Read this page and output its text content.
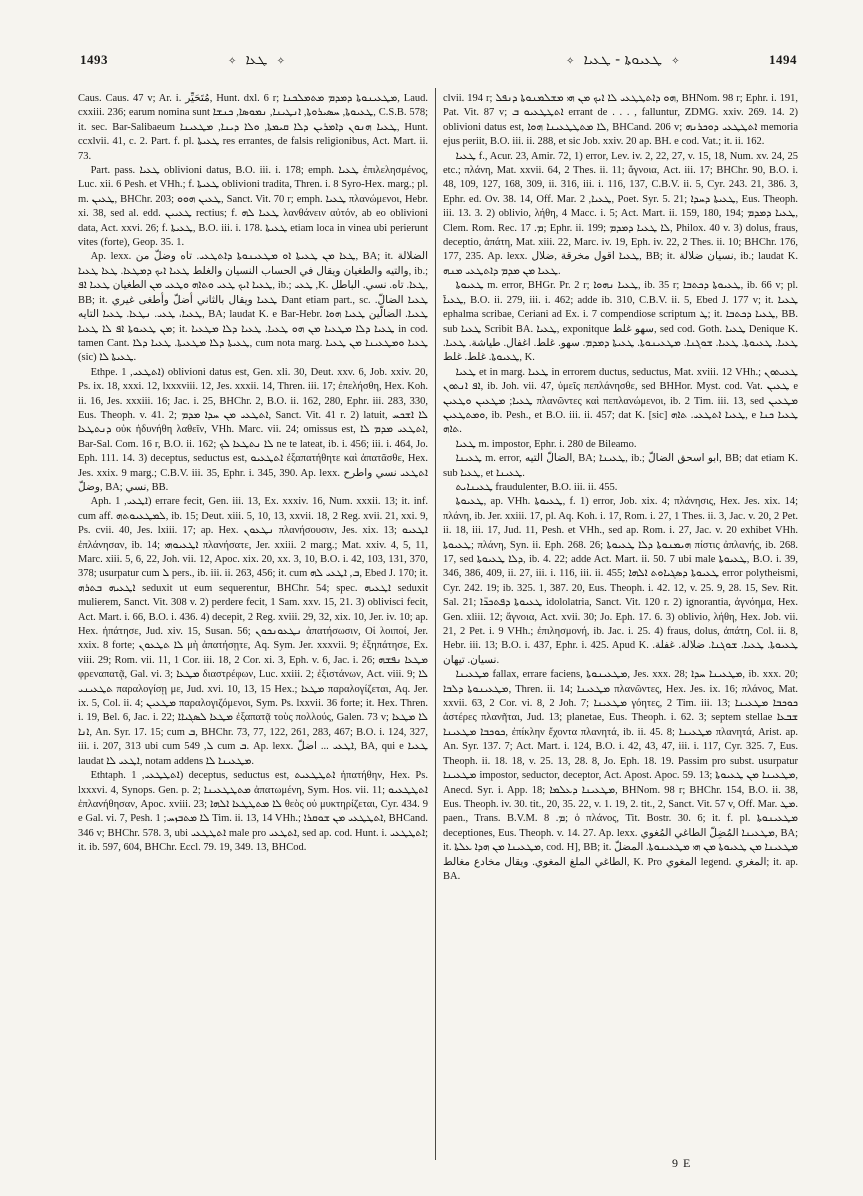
1493	✧ ܛܥܐ ✧	✧ ܛܥܝܘܬܐ - ܛܥܝܐ ✧	1494

Caus. Caus. 47 v; Ar. i. مُتَحَيِّر, Hunt. dxl. 6 r; ܡܛܥܝܢܘܬܐ ܕܡܕܡ ܡܬܡܠܟܢܐ, Laud. cxxiii. 236; earum nomina sunt ܛܥܝܘܬܐ, ܚܣܝܪܘܬܐ, ܐܢܛܝܢܐ, ܢܡܘܣܐ, ܟܢܫܐ, C.S.B. 578; it. sec. Bar-Salibaeum ܛܥܝܐ ܗܢܘܢ ܕܐܡܪܝܢ ܕܠܐ ܩܝܡܬܐ, ܘܠܐ ܕܝܢܐ, ܡܛܥܝܢܐ, Hunt. ccxlvii. 41, c. 2. Part. f. pl. ܛܥܝܬܐ res errantes, de falsis religionibus, Act. Mart. ii. 73.

Part. pass. ܛܥܝܐ oblivioni datus, B.O. iii. i. 178; emph. ܛܥܝܐ ἐπιλελησμένος, Luc. xii. 6 Pesh. et VHh.; f. ܛܥܝܬܐ oblivioni tradita, Thren. i. 8 Syro-Hex. marg.; pl. m. ܛܥܝܢ, BHChr. 203; ܛܥܝܢ ܗܘܘ, Sanct. Vit. 70 r; emph. ܛܥܝܐ πλανώμενοι, Hebr. xi. 38, sed al. edd. ܛܥܝܝܢ rectius; f. ܛܥܝܐ ܠܗ λανθάνειν αὐτόν, ab eo oblivioni data, Act. xxvi. 26; f. ܛܥܝܬܐ, B.O. iii. i. 178. ܛܥܝܬܐ etiam loca in vinea ubi perierunt vites (forte), Geop. 35. 1.

Ap. lexx. ܛܥܐ ܡܢ ܛܥܝܬܐ ܐܘ ܡܛܥܝܢܘܬܐ ܕܐܬܛܥܝ. تاه وضلّ من, BA; it. الضلالة والتيه والطغيان ويقال في الحساب النسيان والغلط ܛܥܝܐ ܐܝܟ ܕܡܛܥܐ. ܛܥܐ ܛܥܝܐ, ib.; ܛܥܝܐ ܐܝܟ ܛܥܝ ܘܬܐܗ ܘܛܥܝ ܡܢ الطغيان ܛܥܝܐ ܐܦ, ib.; ܛܥܝ ,K. ܛܥܐ. تاه. نسي. الباطل, BB; it. ܛܥܝܐ ويقال بالثاني أضلّ وأطغى غيري Dant etiam part., sc. ܛܥܝܐ الضالّ. ܛܥܝܐ، ܛܥܝ. ܢܛܥܐ. ܛܥܝܐ التايه, BA; laudat K. e Bar-Hebr. ܛܥܝܐ. الضالّين ܛܥܝܐ ܗܘܐ ܡܢ ܛܥܝܘܬܐ ܐܦ ܠܐ ܛܥܝܐ; it. ܛܥܝܐ ܕܠܐ ܡܛܥܝܐ ܡܢ ܗܘ ܛܥܝܐ. ܛܥܝܐ ܕܠܐ ܡܛܥܝܐ in cod. tamen Cant. ܛܥܝܬܐ ܕܠܐ ܡܛܥܝܬܐ. ܛܥܝܐ ܕܠܐ, cum nota marg. ܛܥܝܐ ܘܡܛܥܝܢܐ ܡܢ ܛܥܝܐ (sic) ܛܥܝܬܐ ܠܐ.

Ethpe. ܐܬܛܥܝ, 1) oblivioni datus est, Gen. xli. 30, Deut. xxv. 6, Job. xxiv. 20, Ps. ix. 18, xxxi. 12, lxxxviii. 12, Jes. xxxii. 14, Thren. iii. 17; ἐπελήσθη, Hex. Koh. ii. 16, Jes. xxxiii. 16; Jac. i. 25, BHChr. 2, B.O. ii. 162, 280, Ephr. iii. 283, 330, Eus. Theoph. v. 41. 2; ܐܬܛܥܝ ܡܢ ܚܕܐ ܡܕܡ, Sanct. Vit. 41 r. 2) latuit, ܠܐ ܐܫܟܚ ܕܢܬܛܥܐ οὐκ ἠδυνήθη λαθεῖν, VHh. Marc. vii. 24; omissus est, ܐܬܛܥܝ ܡܕܡ ܠܐ, Bar-Sal. Com. 16 r, B.O. ii. 162; ܠܐ ܢܬܛܥܐ ܠܟ ne te lateat, ib. i. 456; iii. i. 464, Jo. Eph. 111. 14. 3) deceptus, seductus est, ܐܬܛܥܝܘ ἐξαπατήθητε καὶ ἀπατᾶσθε, Hex. Jes. xxix. 9 marg.; C.B.V. iii. 35, Ephr. i. 345, 390. Ap. lexx. ܐܬܛܥܝ نسي واطرح وضلّ, BA; نسي, BB.

Aph. ܐܛܥܝ, 1) errare fecit, Gen. iii. 13, Ex. xxxiv. 16, Num. xxxii. 13; it. inf. cum aff. ܠܡܛܥܝܘܬܗ, ib. 15; Deut. xiii. 5, 10, 13, xxvii. 18, 2 Reg. xvii. 21, xxi. 9, Ps. cvii. 40, Jes. lxiii. 17; ap. Hex. ܢܛܥܘܢ πλανήσουσιν, Jes. xix. 13; ܐܛܥܝܘ ἐπλάνησαν, ib. 14; ܐܛܥܝܘܗܝ πλανήσατε, Jer. xxiii. 2 marg.; Mat. xxiv. 4, 5, 11, Marc. xiii. 5, 6, 22, Joh. vii. 12, Apoc. xix. 20, xx. 3, 10, B.O. i. 42, 103, 131, 370, 378; usurpatur cum ܠ pers., ib. iii. ii. 263, 456; it. cum ܒ, ܐܛܥܝ ܠܗ, Ebed J. 170; it. ܐܛܥܝܗ ܒܬܪܗ seduxit ut eum sequerentur, BHChr. 54; spec. ܐܛܥܝܗ seduxit mulierem, Sanct. Vit. 308 v. 2) perdere fecit, 1 Sam. xxv. 15, 21. 3) oblivisci fecit, Act. Mart. i. 66, B.O. i. 436. 4) decepit, 2 Reg. xviii. 29, 32, xix. 10, Jer. iv. 10; ap. Hex. ἠπάτησε, Jud. xiv. 15, Susan. 56; ܢܛܥܘܢܟܘܢ ἀπατήσωσιν, Οἱ λοιποί, Jer. xxix. 8 forte; ܠܐ ܬܛܥܘܢ μὴ ἀπατήσῃτε, Aq. Sym. Jer. xxxvii. 9; ἐξηπάτησε, Ex. viii. 29; Rom. vii. 11, 1 Cor. iii. 18, 2 Cor. xi. 3, Eph. v. 6, Jac. i. 26; ܡܛܥܐ ܢܦܫܗ φρεναπατᾷ, Gal. vi. 3; ܡܛܥܐ διαστρέφων, Luc. xxiii. 2; ἐξιστάνων, Act. viii. 9; ܠܐ ܬܛܥܝܢܝ παραλογίσῃ με, Jud. xvi. 10, 13, 15 Hex.; ܡܛܥܐ παραλογίζεται, Aq. Jer. ix. 5, Col. ii. 4; ܡܛܥܝܢ παραλογιζόμενοι, Sym. Ps. lxxvii. 36 forte; it. Hex. Thren. i. 19, Bel. 6, Jac. i. 22; ܡܛܥܐ ܠܣܓܝܐܐ ἐξαπατᾷ τοὺς πολλούς, Galen. 73 v; ܠܐ ܡܛܥܐ ܐܢܐ, An. Syr. 17. 15; cum ܒ, BHChr. 73, 77, 122, 261, 283, 467; B.O. i. 124, 327, iii. i. 207, 313 ubi cum ܠ, 549 cum ܒ. Ap. lexx. ܐܛܥܝ ... اضلّ, BA, qui e ܛܥܝܐ laudat ܐܛܥܝ ܠܐ, notam addens ܡܛܥܝܢܐ ܠܐ.

Ethtaph. ܐܬܛܛܥܝ, 1) deceptus, seductus est, ܐܬܛܛܥܝܬ ἠπατήθην, Hex. Ps. lxxxvi. 4, Synops. Gen. p. 2; ܡܬܛܛܥܝܢܐ ἀπατωμένη, Sym. Hos. vii. 11; ܐܬܛܛܥܝܘ ἐπλανήθησαν, Apoc. xviii. 23; ܠܐ ܡܬܛܛܥܐ ܐܠܗܐ θεὸς οὐ μυκτηρίζεται, Cyr. 434. 9 e Gal. vi. 7, Pesh. ܠܐ ܡܬܒܙܚ; 1 Tim. ii. 13, 14 VHh.; ܐܬܛܛܥܝ ܡܢ ܫܘܩܪܐ, BHCand. 346 v; BHChr. 578. 3, ubi ܐܬܛܛܥܝ male pro ܐܬܛܥܝ, sed ap. cod. Hunt. i. ܐܬܛܛܥܝ; it. ib. 597, 604, BHChr. Eccl. 79. 19, 349. 13, BHCod.

clvii. 194 r; ܗܘ ܕܐܬܛܛܥܝ ܠܐ ܐܝܟ ܡܢ ܗܝ ܡܫܠܡܢܘܬܐ ܕܢܦܠ, BHNom. 98 r; Ephr. i. 191, Pat. Vit. 87 v; ܐܬܛܛܥܝܘ ܒ errant de . . . , falluntur, ZDMG. xxiv. 269. 14. 2) oblivioni datus est, ܠܐ ܡܬܛܛܥܝܢܐ ܗܘܐ, BHCand. 206 v; ܐܬܛܛܥܝ ܕܘܟܪܢܗ memoria ejus periit, B.O. iii. ii. 288, et sic Job. xxiv. 20 ap. BH. e cod. Vat.; it. ii. 162.

ܛܥܝܐ f., Acur. 23, Amir. 72, 1) error, Lev. iv. 2, 22, 27, v. 15, 18, Num. xv. 24, 25 etc.; πλάνη, Mat. xxvii. 64, 2 Thes. ii. 11; ἄγνοια, Act. iii. 17; BHChr. 90, B.O. i. 48, 109, 127, 168, 309, ii. 316, iii. i. 116, 137, C.B.V. ii. 5, Cyr. 243. 21, 386. 3, Ephr. ed. Ov. 38. 14, Off. Mar. ܛܥܝܐ, 2, Poet. Syr. 5. 21; ܛܥܝܬܐ ܕܚܕܐ, Eus. Theoph. iii. 13. 3. 2) oblivio, λήθη, 4 Macc. i. 5; Act. Mart. ii. 159, 180, 194; ܛܥܝܐ ܕܡܕܡ, Clem. Rom. Rec. ܡ. 17; Ephr. ii. 199; ܠܐ ܛܥܝܐ ܕܡܕܡ, Philox. 40 v. 3) dolus, fraus, deceptio, ἀπάτη, Mat. xiii. 22, Marc. iv. 19, Eph. iv. 22, 2 Thes. ii. 10; BHChr. 176, 177, 235. Ap. lexx. ܛܥܝܐ اقول مخرقة ,ضلال, BB; it. نسيان ضلالة, ib.; laudat K. ܛܥܝܐ ܡܢ ܡܕܡ ܕܐܬܛܥܝ ܡܢܗ.

ܛܥܝܘܬܐ m. error, BHGr. Pr. 2 r; ܛܥܝܐ ܢܗܘܐ, ib. 35 r; ܛܥܝܘܬܐ ܕܟܬܒܐ, ib. 66 v; pl. ܛܥܝܐ̈, B.O. ii. 279, iii. i. 462; adde ib. 310, C.B.V. ii. 5, Ebed J. 177 v; it. ܛܥܝܐ ephalma scribae, Ceriani ad Ex. i. 7 compendiose scriptum ܛ; it. ܛܥܝܐ ܕܟܬܒܐ, BB. sub ܛܥܝܐ Scribit BA. ܛܥܝܐ, exponitque سهو غلط, sed cod. Goth. ܛܥܝܐ Denique K. ܛܥܝܐ. ܛܥܝܘܬܐ. ܛܥܝܐ. ܫܘܓܢܐ. ܡܛܥܝܢܘܬܐ. ܛܥܝܬܐ ܕܡܕܡ. سهو. غلط. اغفال. طياشة. ܛܥܝܐ. ܛܥܝܘܬܐ. غلط. غلط, K.

ܛܥܝܐ et in marg. ܛܥܝܐ in errorem ductus, seductus, Mat. xviii. 12 VHh.; ܛܥܝܬܘܢ ܐܦ ܐܢܬܘܢ, ib. Joh. vii. 47, ὑμεῖς πεπλάνησθε, sed BHHor. Myst. cod. Vat. ܛܥܝܢ e ܛܥܝܐ; ܡܛܥܝܢ ܘܛܥܝܢ πλανῶντες καὶ πεπλανώμενοι, ib. 2 Tim. iii. 13, sed ܡܛܥܝܢ ܘܡܬܛܥܝܢ, ib. Pesh., et B.O. iii. ii. 457; dat K. [sic] ܛܥܝܐ ܐܬܛܥܝ. ܬܐܗ, e ܛܥܝܐ ܟܢܐ ܬܐܗ.

ܛܥܝܐ m. impostor, Ephr. i. 280 de Bileamo.

ܛܥܝܢܐ m. error, الضالّ التيه, BA; ܛܥܝܢܐ, ib.; ابو اسحق الضالّ, BB; dat etiam K. sub ܛܥܝܐ, et ܛܥܝܢܐ.

ܛܥܝܢܐܝܬ fraudulenter, B.O. iii. ii. 455.

ܛܥܝܘܬܐ, ap. VHh. ܛܥܝܘܬܐ, f. 1) error, Job. xix. 4; πλάνησις, Hex. Jes. xix. 14; πλάνη, ib. Jer. xxiii. 17, pl. Aq. Koh. i. 17, Rom. i. 27, 1 Thes. ii. 3, Jac. v. 20, 2 Pet. ii. 18, iii. 17, Jud. 11, Pesh. et VHh., sed ap. Rom. i. 27, Jac. v. 20 exhibet VHh. ܛܥܝܘܬܐ; πλάνη, Syn. ii. Eph. 268. 26; ܗܝܡܢܘܬܐ ܕܠܐ ܛܥܝܘܬܐ πίστις ἀπλανής, ib. 268. 17, sed ܕܠܐ ܛܥܝܘܬܐ, ib. 4. 22; adde Act. Mart. ii. 50. 7 ubi male ܛܥܝܘܬܐ, B.O. i. 39, 346, 386, 409, ii. 27, iii. i. 116, iii. ii. 455; ܛܥܝܘܬܐ ܕܣܓܝܐܘܬ ܐܠܗܐ error polytheismi, Cyr. 242. 19; ib. 325. 1, 387. 20, Eus. Theoph. i. 42. 12, v. 25. 9, 28. 15, Sev. Rit. Sal. 21; ܛܥܝܘܬܐ ܕܦܬܟܖ̈ܐ idololatria, Sanct. Vit. 120 r. 2) ignorantia, ἀγνόημα, Hex. Gen. xliii. 12; ἄγνοια, Act. xvii. 30; Jo. Eph. 17. 6. 3) oblivio, λήθη, Hex. Job. vii. 21, 2 Pet. i. 9 VHh.; ἐπιλησμονή, ib. Jac. i. 25. 4) fraus, dolus, ἀπάτη, Col. ii. 8, Hebr. iii. 13; B.O. i. 437, Ephr. i. 425. Apud K. ܛܥܝܘܬܐ. ܛܥܝܐ. ܫܘܓܢܐ. ضلالة. غفلة. نسيان. تيهان.

ܡܛܥܝܢܐ fallax, errare faciens, ܡܛܥܝܢܘܬܐ, Jes. xxx. 28; ܡܛܥܝܢܐ ܚܕܐ, ib. xxx. 20; ܡܛܥܝܢܘܬܐ ܕܠܒܐ, Thren. ii. 14; ܡܛܥܝܢܐ πλανῶντες, Hex. Jes. ix. 16; πλάνος, Mat. xxvii. 63, 2 Cor. vi. 8, 2 Joh. 7; ܡܛܥܝܢܐ γόητες, 2 Tim. iii. 13; ܟܘܟܒܐ ܡܛܥܝܢܐ ἀστέρες πλανῆται, Jud. 13; planetae, Eus. Theoph. i. 62. 3; septem stellae ܫܒܥܐ ܟܘܟܒܐ ܡܛܥܝܢܐ, ἐπίκλην ἔχοντα πλανητά, ib. ii. 45. 8; ܡܛܥܝܢܐ πλανητά, Arist. ap. An. Syr. 137. 7; Act. Mart. i. 124, B.O. i. 42, 43, 47, iii. i. 117, Cyr. 325. 7, Eus. Theoph. ii. 18. 18, v. 25. 13, 28. 8, Jo. Eph. 18. 19. Passim pro subst. usurpatur ܡܛܥܝܢܐ impostor, seductor, deceptor, Act. Apost. Apoc. 59. 13; ܡܛܥܝܢܐ ܡܢ ܛܥܝܘܬܐ, Anecd. Syr. i. App. 18; ܡܛܥܝܢܐ ܕܥܠܡܐ, BHNom. 98 r; BHChr. 154, B.O. ii. 38, Eus. Theoph. iv. 30. tit., 20, 35. 22, v. 1. 19, 2. tit., 2, Sanct. Vit. 57 v, Off. Mar. ܡܛ. paen., Trans. B.V.M. ܡ. 8; ὁ πλάνος, Tit. Bostr. 30. 6; it. f. pl. ܡܛܥܝܢܘܬܐ deceptiones, Eus. Theoph. v. 14. 27. Ap. lexx. ܡܛܥܝܢܐ المُضِلّ الطاغي المُغوي, BA; it. ܡܛܥܝܢܐ ܡܢ ܗܕܐ ܥܠܬܐ, cod. H], BB; it. ܡܛܥܝܢܐ ܡܢ ܛܥܝܘܬܐ ܡܢ ܗܝ ܡܛܥܝܢܘܬܐ. المضلّ الطاغي الملغ المغوي. ويقال مخادع مغالط, K. Pro المغوي legend. المغري; it. ap. BA.

9 E
